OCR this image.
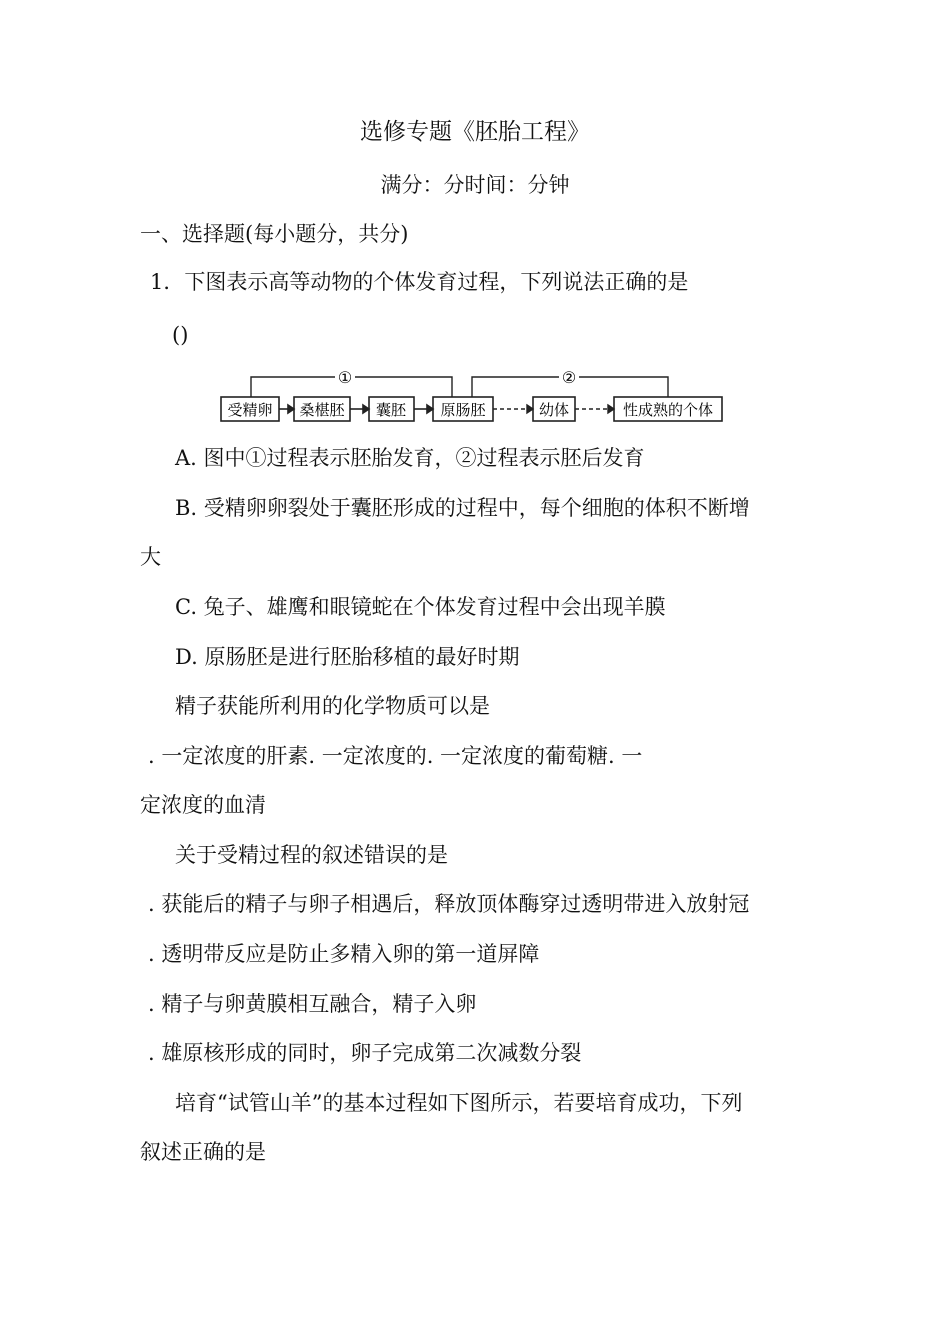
选修专题《胚胎工程》
满分：分时间：分钟
一、选择题(每小题分，共分)
1．下图表示高等动物的个体发育过程，下列说法正确的是
()
①	②
受精卵 桑椹胚 囊胚 原肠胚	幼体	性成熟的个体
A. 图中①过程表示胚胎发育，②过程表示胚后发育
B. 受精卵卵裂处于囊胚形成的过程中，每个细胞的体积不断增
大
C. 兔子、雄鹰和眼镜蛇在个体发育过程中会出现羊膜
D. 原肠胚是进行胚胎移植的最好时期
精子获能所利用的化学物质可以是
. 一定浓度的肝素. 一定浓度的. 一定浓度的葡萄糖. 一
定浓度的血清
关于受精过程的叙述错误的是
. 获能后的精子与卵子相遇后，释放顶体酶穿过透明带进入放射冠
. 透明带反应是防止多精入卵的第一道屏障
. 精子与卵黄膜相互融合，精子入卵
. 雄原核形成的同时，卵子完成第二次减数分裂
培育“试管山羊”的基本过程如下图所示，若要培育成功，下列
叙述正确的是
